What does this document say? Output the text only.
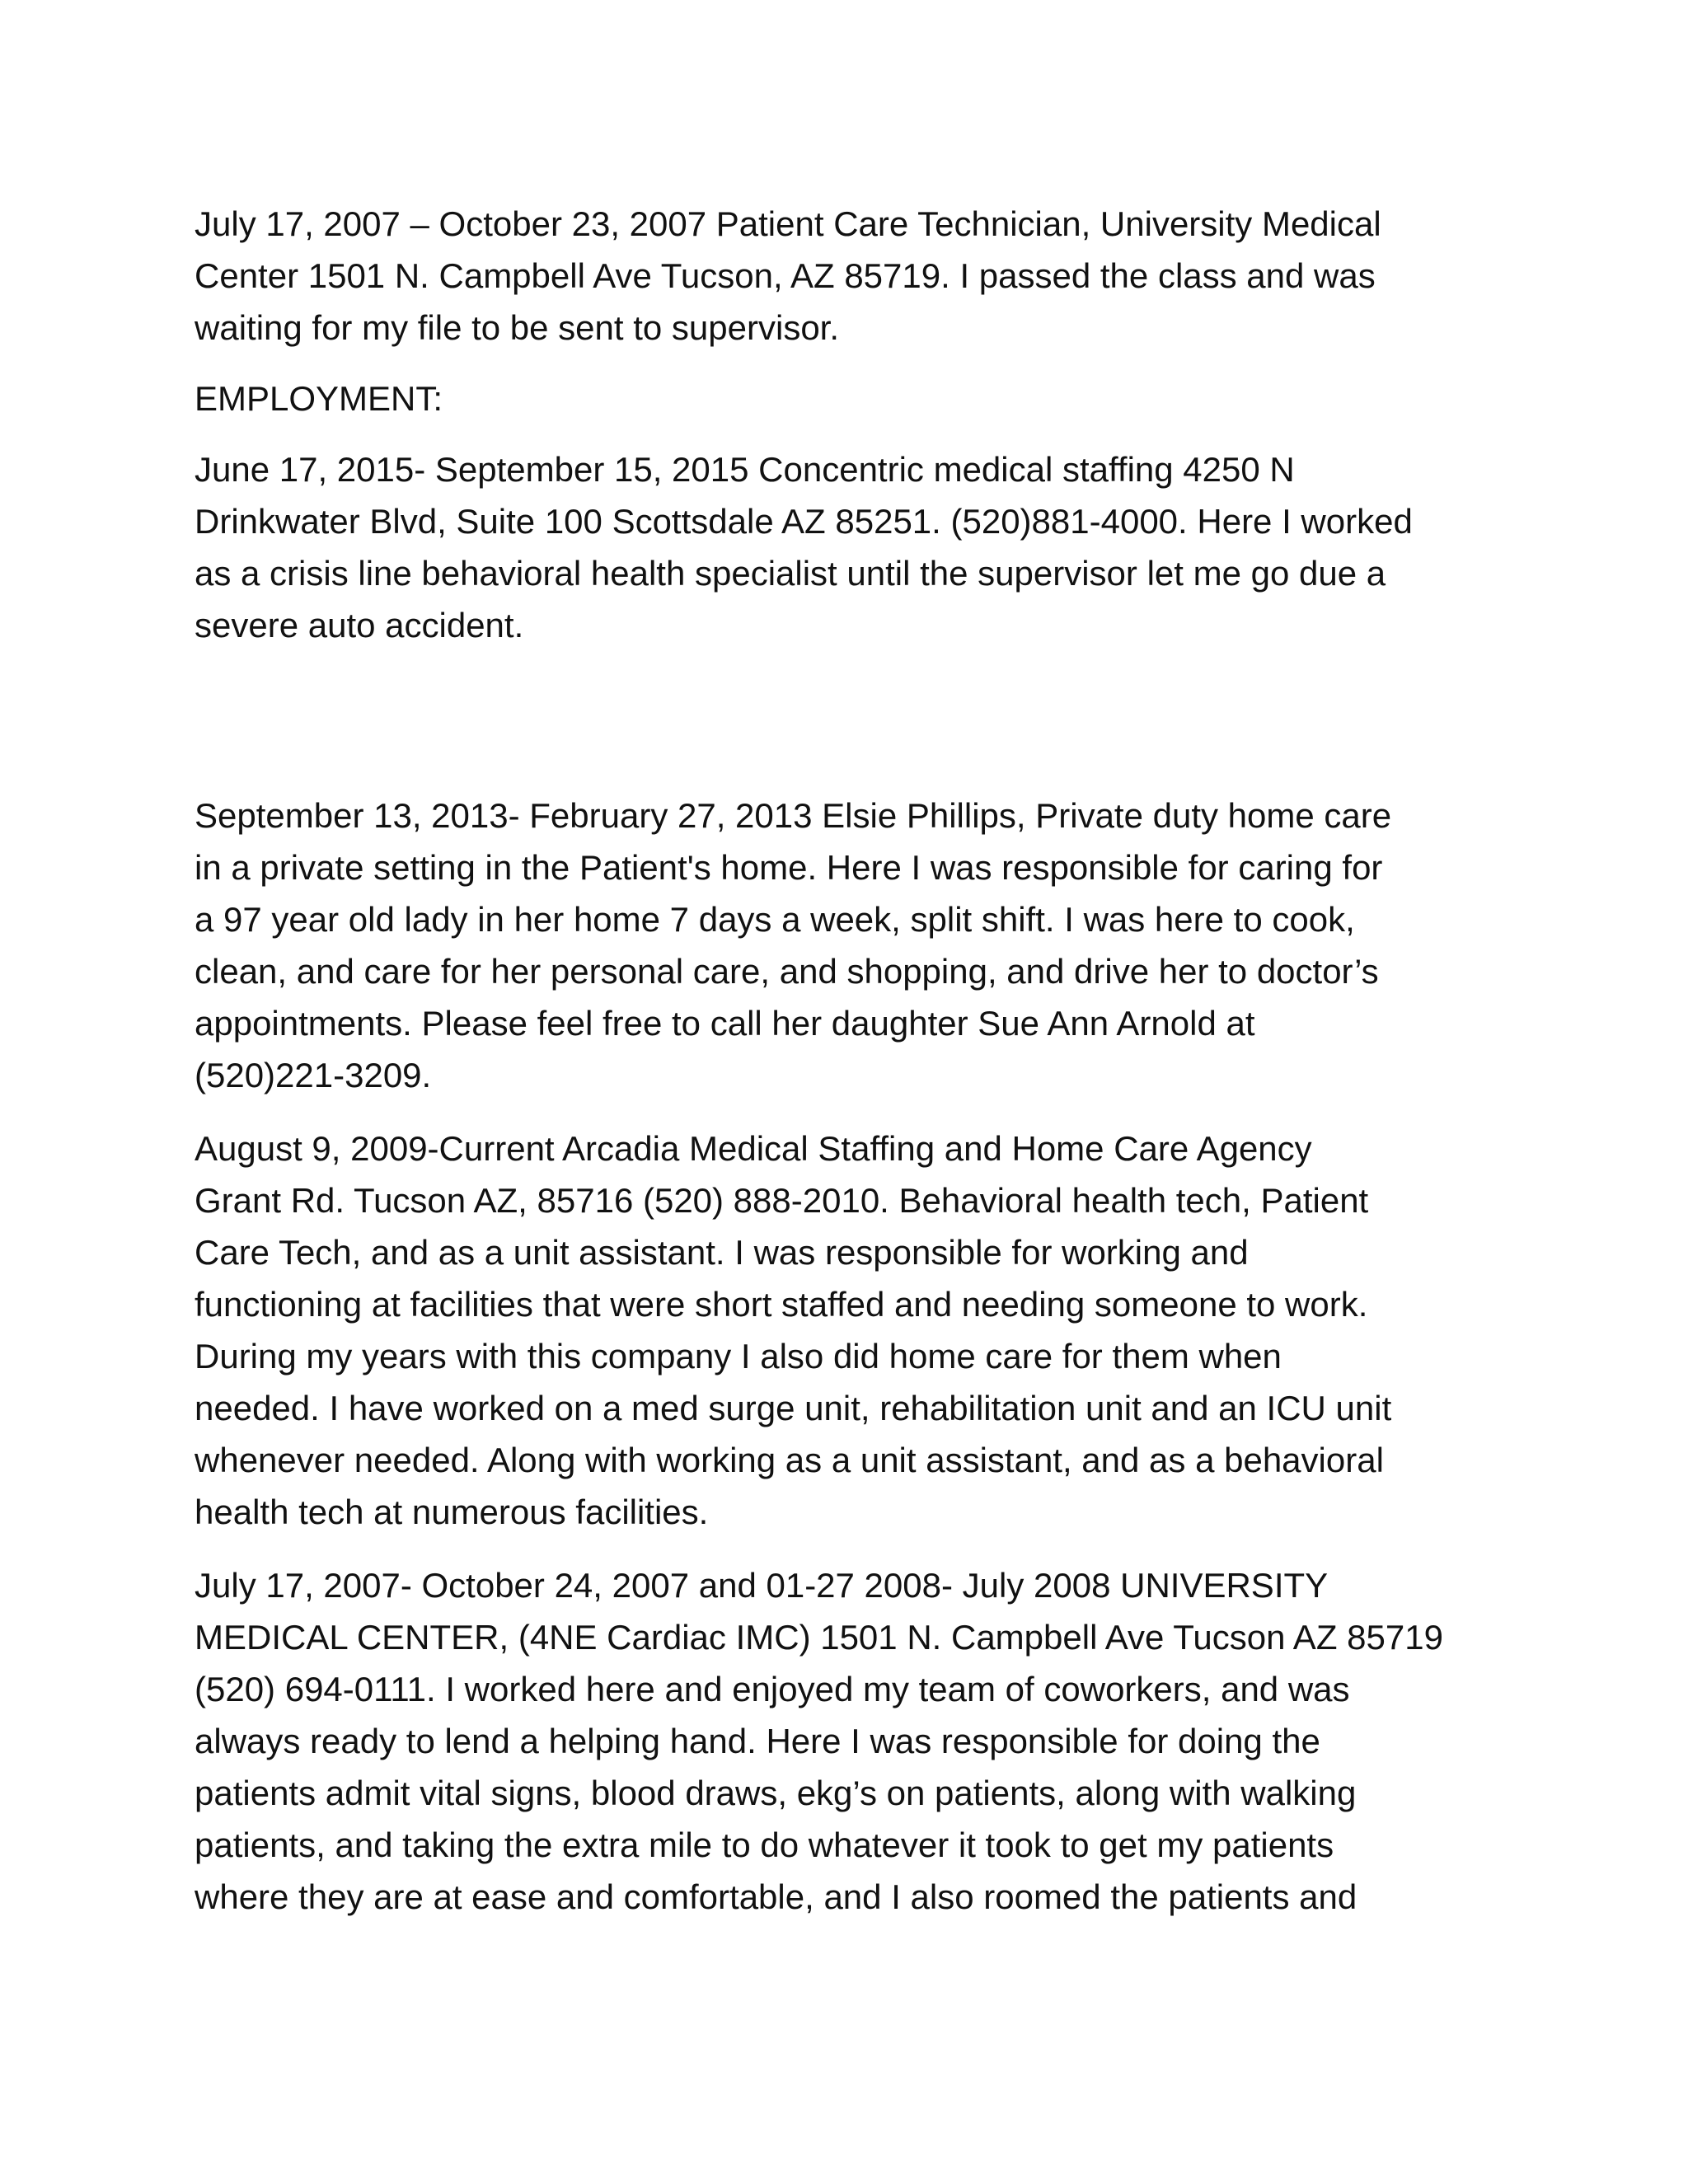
July 17, 2007 – October 23, 2007 Patient Care Technician, University Medical
Center 1501 N. Campbell Ave Tucson, AZ 85719. I passed the class and was
waiting for my file to be sent to supervisor.
EMPLOYMENT:
June 17, 2015- September 15, 2015 Concentric medical staffing 4250 N
Drinkwater Blvd, Suite 100 Scottsdale AZ 85251. (520)881-4000. Here I worked
as a crisis line behavioral health specialist until the supervisor let me go due a
severe auto accident.
September 13, 2013- February 27, 2013 Elsie Phillips, Private duty home care
in a private setting in the Patient's home. Here I was responsible for caring for
a 97 year old lady in her home 7 days a week, split shift. I was here to cook,
clean, and care for her personal care, and shopping, and drive her to doctor’s
appointments. Please feel free to call her daughter Sue Ann Arnold at
(520)221-3209.
August 9, 2009-Current Arcadia Medical Staffing and Home Care Agency
Grant Rd. Tucson AZ, 85716 (520) 888-2010. Behavioral health tech, Patient
Care Tech, and as a unit assistant. I was responsible for working and
functioning at facilities that were short staffed and needing someone to work.
During my years with this company I also did home care for them when
needed. I have worked on a med surge unit, rehabilitation unit and an ICU unit
whenever needed. Along with working as a unit assistant, and as a behavioral
health tech at numerous facilities.
July 17, 2007- October 24, 2007 and 01-27 2008- July 2008 UNIVERSITY
MEDICAL CENTER, (4NE Cardiac IMC) 1501 N. Campbell Ave Tucson AZ 85719
(520) 694-0111. I worked here and enjoyed my team of coworkers, and was
always ready to lend a helping hand. Here I was responsible for doing the
patients admit vital signs, blood draws, ekg’s on patients, along with walking
patients, and taking the extra mile to do whatever it took to get my patients
where they are at ease and comfortable, and I also roomed the patients and
